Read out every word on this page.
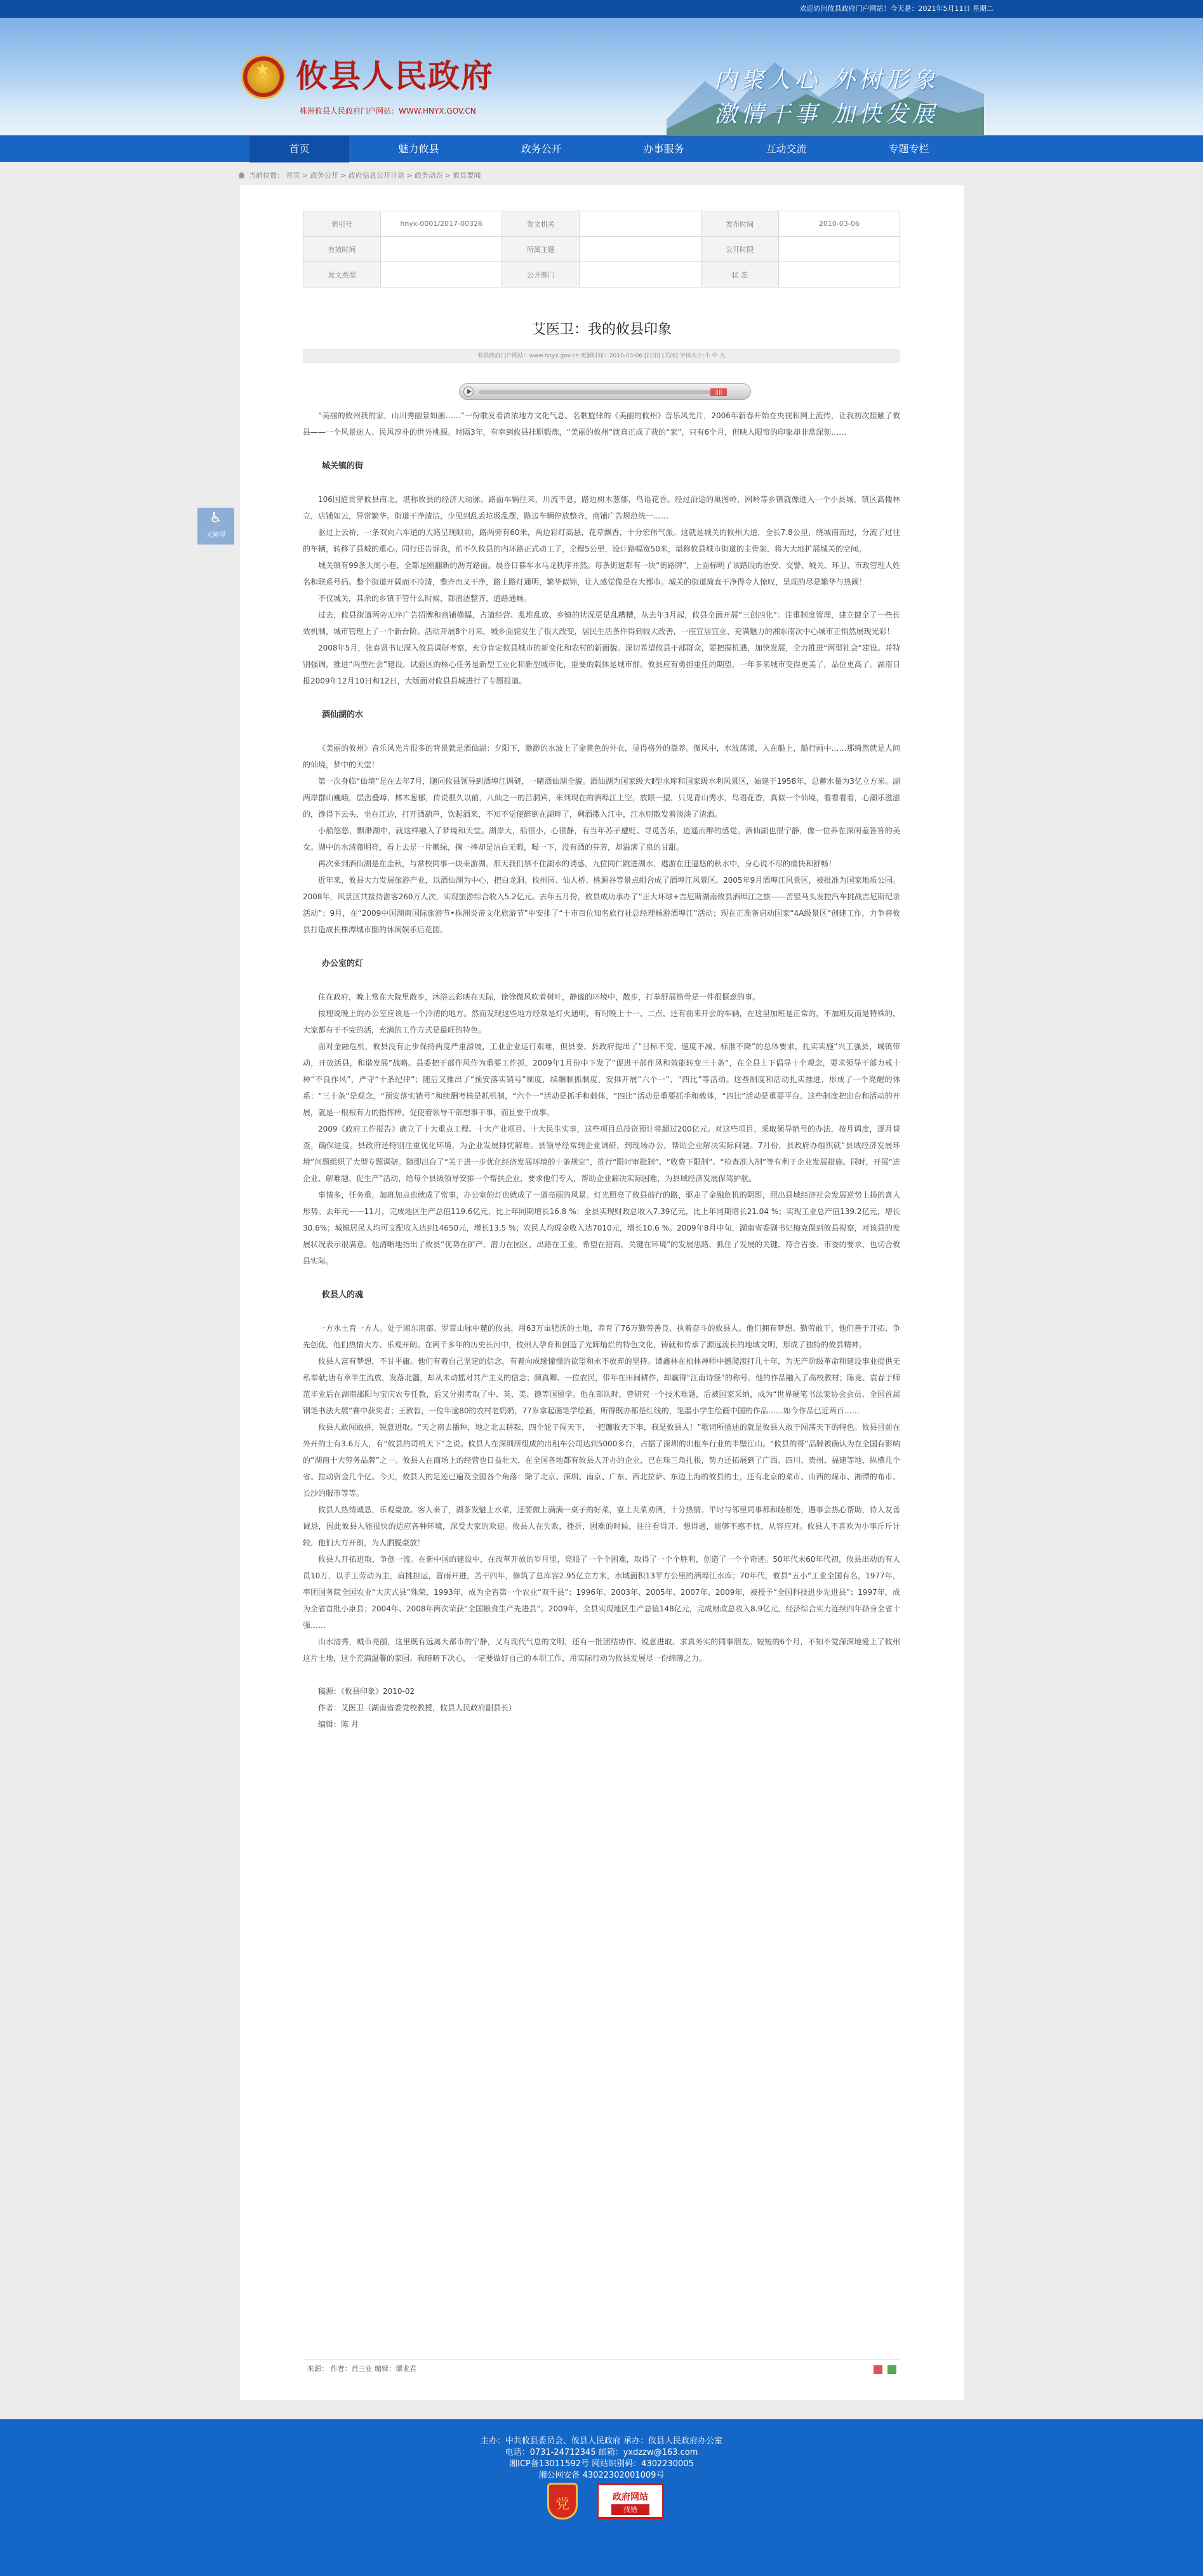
欢迎访问攸县政府门户网站！今天是：2021年5月11日 星期二
★ 攸县人民政府
株洲攸县人民政府门户网站：WWW.HNYX.GOV.CN
内聚人心 外树形象
激情干事 加快发展
首页	魅力攸县	政务公开	办事服务	互动交流	专题专栏
当前位置： 首页 > 政务公开 > 政府信息公开目录 > 政务动态 > 攸县要闻
♿
无障碍
索引号	hnyx-0001/2017-00326	发文机关		发布时间	2010-03-06
有效时间		所属主题		公开时限	
发文类型		公开部门		状 态	
艾医卫：我的攸县印象
攸县政府门户网站：www.hnyx.gov.cn 更新时间：2010-03-06 [打印] [关闭] 字体大小:小 中 大
||||

“美丽的攸州我的家，山川秀丽景如画……”一份歌发着浓浓地方文化气息、名歌旋律的《美丽的攸州》音乐风光片，2006年新春开始在央视和网上流传，让我初次接触了攸县——一个风景迷人、民风淳朴的世外桃源。时隔3年，有幸到攸县挂职锻炼，“美丽的攸州”就真正成了我的“家”，只有6个月，但映入眼帘的印象却非常深刻……

城关镇的街

106国道贯穿攸县南北，堪称攸县的经济大动脉。路面车辆往来，川流不息，路边树木葱郁，鸟语花香。经过沿途的巢图岭，网岭等乡镇就像进入一个小县城，镇区高楼林立，店铺如云，异常繁华。街道干净清洁，少见到乱丢垃圾乱摆，路边车辆停放整齐，商铺广告规范统一……

驱过上云桥，一条双向六车道的大路呈现眼前，路两旁有60米，两边彩灯高悬，花草飘香，十分宏伟气派。这就是城关的攸州大道，全长7.8公里，绕城南而过，分流了过往的车辆，转移了县城的重心。同行还告诉我，前不久攸县的内环路正式动工了，全程5公里，设计路幅宽50米，堪称攸县城市街道的主骨架，将大大地扩展城关的空间。

城关镇有99条大街小巷，全都是刚翻新的沥青路面。晨昏日暮车水马龙秩序井然。每条街道都有一块“街路牌”，上面标明了该路段的治安、交警、城关、环卫、市政管理人姓名和联系号码。整个街道开阔而不冷清，整齐而又干净，路上路灯通明，繁华似锦，让人感觉像是在大都市。城关的街道简直干净得令人惊叹，呈现的尽是繁华与热闹！

不仅城关，其余的乡镇干管什么时候，都清洁整齐，道路通畅。

过去，攸县街道两旁无序广告招牌和商铺横幅，占道经营、乱堆乱放、乡镇的状况更是乱糟糟，从去年3月起，攸县全面开展“三创四化”：注重制度管理，建立健全了一些长效机制，城市管理上了一个新台阶。活动开展8个月来，城乡面貌发生了很大改变，居民生活条件得到较大改善，一座宜居宜业、充满魅力的湘东南次中心城市正悄然展现光彩！

2008年5月，张春贤书记深入攸县调研考察，充分肯定攸县城市的新变化和农村的新面貌。深切希望攸县干部群众，要把握机遇，加快发展，全力推进“两型社会”建设。并特别强调，推进“两型社会”建设，试验区的核心任务是新型工业化和新型城市化，重要的载体是城市群。攸县应有勇担重任的期望，一年多来城市变得更美了，品位更高了。湖南日报2009年12月10日和12日，大版面对攸县县城进行了专题报道。

酒仙湖的水

《美丽的攸州》音乐风光片很多的背景就是酒仙湖：夕阳下，渺渺的水波上了金黄色的外衣，显得格外的靠养。微风中，水波荡漾，人在船上，船行画中……那绮然就是人间的仙境，梦中的天堂！

第一次身临“仙境”是在去年7月，随同攸县领导到酒埠江调研，一睹酒仙湖全貌。酒仙湖为国家级大Ⅱ型水库和国家级水利风景区，始建于1958年，总蓄水量为3亿立方米。湖两岸群山巍峨，层峦叠嶂，林木葱郁，传说很久以前，八仙之一的吕洞宾，来到现在的酒埠江上空，放眼一望，只见青山秀水，鸟语花香，真似一个仙境，看看看着，心潮乐滋滋的，馋得下云头，坐在江边，打开酒葫芦，饮起酒来，不知不觉便醉倒在湖畔了，剩酒撒入江中，江水则散发着淡淡了清酒。

小船悠悠，飘渺湖中，就这样融入了梦境和天堂。湖岸大，船很小，心很静，有当年苏子遭贬、寻觅苦乐，逍遥而醉的感觉。酒仙湖也很宁静，像一位养在深闺羞答答的美女。湖中的水清澈明亮，看上去是一片嫩绿，掬一捧却是洁白无暇，喝一下，没有酒的芬芳，却溢满了泉的甘甜。

再次来到酒仙湖是在金秋，与常校同事一块来游湖。那天我们禁不住湖水的诱惑，九位同仁跳进湖水，遨游在迁逼悠的秋水中，身心说不尽的痛快和舒畅！

近年来，攸县大力发展旅游产业，以酒仙湖为中心，把白龙洞、攸州园、仙人桥、桃源谷等景点组合成了酒埠江风景区。2005年9月酒埠江风景区，被批准为国家地质公园。2008年，风景区共接待游客260万人次，实现旅游综合收入5.2亿元。去年五月份，攸县成功承办了“正大环球+吉尼斯湖南攸县酒埠江之旅——苦竖马头发控汽车挑战吉尼斯纪录活动”；9月，在“2009中国湖南国际旅游节•株洲炎帝文化旅游节”中安排了“十市百位知名旅行社总经理畅游酒埠江”活动；现在正准备启动国家“4A级景区”创建工作，力争将攸县打造成长株潭城市圈的休闲娱乐后花园。

办公室的灯

住在政府，晚上常在大院里散步，沐浴云彩映在天际，徐徐微风吹着树叶，静谧的环境中，散步，打拳舒展筋骨是一件很惬意的事。

按理说晚上的办公室应该是一个冷清的地方。然而发现这些地方经常是灯火通明，有时晚上十一、二点，还有前来开会的车辆，在这里加班是正常的，不加班反而是特殊的，大家都有干不完的活，充满的工作方式是最旺的特色。

面对金融危机，攸县没有止步保持两度严重滑坡，工业企业运行艰难，但县委、县政府提出了“目标不变、速度不减、标准不降”的总体要求，扎实实施“兴工强县，城镇带动，开放活县，和谐发展”战略。县委把干部作风作为重要工作抓，2009年1月份中下发了“促进干部作风和效能转变三十条”，在全县上下倡导十个观念，要求领导干部力戒十种“不良作风”，严守“十条纪律”；随后又推出了“预安落实销号”制度，续酬制抓制度，安排开展“六个一”、“四比”等活动。这些制度和活动扎实推进，形成了一个亮醒的体系：“三十条”是观念，“预安落实销号”和续酬考核是抓机制，“六个一”活动是抓手和载体，“四比”活动是重要抓手和载体，“四比”活动是重要平台。这些制度把出台和活动的开展，就是一根根有力的指挥棒，促使着领导干部想事干事，而且要干成事。

2009《政府工作报告》确立了十大重点工程、十大产业项目、十大民生实事，这些项目总投资预计将超过200亿元。对这些项目，采取领导销号的办法，按月调度，逐月督查，确保进度。县政府还特别注重优化环境，为企业发展排忧解难。县领导经常到企业调研，到现场办公，帮助企业解决实际问题。7月份，县政府办组织就“县域经济发展环境”问题组织了大型专题调研。随即出台了“关于进一步优化经济发展环境的十条规定”，推行“限时审批制”、“收费下限制”、“检查准入制”等有利于企业发展措施。同时，开展“进企业、解难题、促生产”活动，给每个县级领导安排一个帮扶企业，要求他们专人，帮助企业解决实际困难，为县域经济发展保驾护航。

事情多，任务重，加班加点也就成了常事，办公室的灯也就成了一道亮丽的风景。灯光照亮了攸县前行的路，驱走了金融危机的阴影，照出县域经济社会发展逆势上扬的喜人形势。去年元——11月，完成地区生产总值119.6亿元，比上年同期增长16.8 %；全县实现财政总收入7.39亿元，比上年同期增长21.04 %；实现工业总产值139.2亿元，增长30.6%；城镇居民人均可支配收入达到14650元，增长13.5 %；农民人均现金收入达7010元，增长10.6 %。2009年8月中旬，湖南省委副书记梅克保到攸县视察，对该县的发展状况表示很满意。他清晰地指出了攸县“优势在矿产，潜力在园区，出路在工业，希望在招商，关键在环境”的发展思路，抓住了发展的关键，符合省委、市委的要求，也切合攸县实际。

攸县人的魂

一方水土育一方人。处于湘东南部、罗霄山脉中麓的攸县，用63万亩肥沃的土地，养育了76万勤劳善良、执着奋斗的攸县人。他们拥有梦想、勤劳敢干，他们善于开拓、争先创优，他们热情大方、乐观开朗。在两千多年的历史长河中，攸州人孕育和创造了光辉灿烂的特色文化，铸就和传承了源远流长的地域文明，形成了独特的攸县精神。

攸县人富有梦想，不甘平庸。他们有着自己坚定的信念，有着向成缘憧憬的欲望和永不放弃的坚持。谭鑫林在柏林禅师中撼爬滚打几十年，为无产阶级革命和建设事业提供无私奉献;唐有章半生流放，发落北疆，却从未动摇对共产主义的信念；颜真卿、一位农民，带年在田间耕作，却赢得“江南诗怪”的称号。他的作品融入了高校教材；陈竞、袁春于师范毕业后在湖南邵阳与宝庆农专任教，后又分别考取了中、英、美、德等国留学。他在部队时，曾研究一个技术难题，后被国家采纳，成为“世界硬笔书法家协会会员、全国首届钢笔书法大展”赛中获奖者；王教智，一位年逾80的农村老奶奶，77岁拿起画笔学绘画，所得既亦都是红线的，笔墨小学生绘画中国的作品……如今作品已近两百……

攸县人敢闯敢拼，锐意进取。“天之南去播种，地之北去耕耘，四个轮子闯天下，一把镰收天下事，我是攸县人！”歌词所描述的就是攸县人敢于闯荡天下的特色。攸县目前在外开的士有3.6万人，有“攸县的司机天下”之说。攸县人在深圳所组成的出租车公司达到5000多台，占据了深圳的出租车行业的半壁江山。“攸县的哥”品牌被确认为在全国有影响的“湖南十大劳务品牌”之一。攸县人在商场上的经营也日益壮大，在全国各地都有攸县人开办的企业，已在珠三角扎根，势力还拓展到了广西、四川、贵州、福建等地，纵横几个省。拉动资金几个亿。今天，攸县人的足迹已遍及全国各个角落：除了北京、深圳、南京、广东、西北拉萨、东边上海的攸县的士，还有北京的菜市、山西的煤市、湘潭的布市、长沙的服市等等。

攸县人热情诚恳，乐观豪放。客人来了，湖茶发魅上水菜，还要做上满满一桌子的好菜，宴上夹菜劝酒，十分热情。平时与邻里同事都和睦相处，遇事会热心帮助，待人友善诚恳，因此攸县人能很快的适应各种环境，深受大家的欢迎。攸县人在失败，挫折，困难的时候，往往看得开、想得通，能够不惑不忧，从容应对。攸县人不喜欢为小事斤斤计较，他们大方开朗，为人洒脱豪放！

攸县人开拓进取，争创一流。在新中国的建设中，在改革开放的岁月里，亮眼了一个个困难，取得了一个个胜利，创造了一个个奇迹。50年代末60年代初，攸县出动的有人员10万，以手工劳动为主，肩挑担运，冒雨开进，苦干四年，修筑了总库容2.95亿立方米，水域面积13平方公里的酒埠江水库；70年代，攸县“五小”工业全国有名，1977年，率团国务院全国农业“大庆式县”殊荣，1993年，成为全省第一个农业“双千县”；1996年、2003年、2005年、2007年、2009年，被授予“全国科技进步先进县”；1997年，成为全省首批小康县；2004年、2008年两次荣获“全国粮食生产先进县”。2009年，全县实现地区生产总值148亿元，完成财政总收入8.9亿元，经济综合实力连续四年跻身全省十强……

山水清秀，城市亮丽，这里既有远离大都市的宁静，又有现代气息的文明，还有一批团结协作、锐意进取、求真务实的同事朋友。短短的6个月，不知不觉深深地爱上了攸州这片土地，这个充满温馨的家园。我暗暗下决心，一定要做好自己的本职工作，用实际行动为攸县发展尽一份绵薄之力。

稿源：《攸县印象》2010-02

作者：艾医卫（湖南省委党校教授，攸县人民政府副县长）

编辑：陈 月

来源： 作者：肖三业 编辑：谭业君

主办：中共攸县委员会、攸县人民政府 承办：攸县人民政府办公室
电话：0731-24712345 邮箱：yxdzzw@163.com
湘ICP备13011592号 网站识别码：4302230005
湘公网安备 43022302001009号
党	政府网站
找错
